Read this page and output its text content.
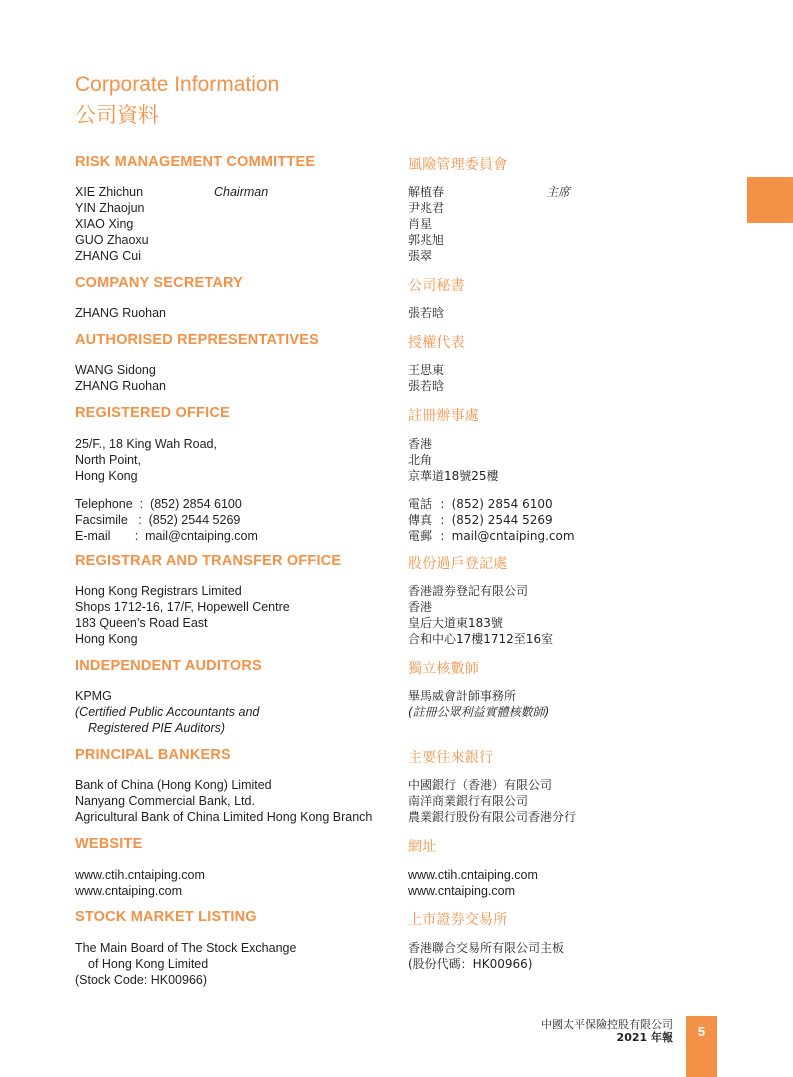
Corporate Information
公司資料
RISK MANAGEMENT COMMITTEE	風險管理委員會
XIE Zhichun	Chairman
YIN Zhaojun
XIAO Xing
GUO Zhaoxu
ZHANG Cui
解植春	主席
尹兆君
肖星
郭兆旭
張翠
COMPANY SECRETARY	公司秘書
ZHANG Ruohan	張若晗
AUTHORISED REPRESENTATIVES	授權代表
WANG Sidong
ZHANG Ruohan
王思東
張若晗
REGISTERED OFFICE	註冊辦事處
25/F., 18 King Wah Road,
North Point,
Hong Kong
香港
北角
京華道18號25樓
Telephone  :  (852) 2854 6100
Facsimile   :  (852) 2544 5269
E-mail       :  mail@cntaiping.com
電話  ：(852) 2854 6100
傳真  ：(852) 2544 5269
電郵  ：mail@cntaiping.com
REGISTRAR AND TRANSFER OFFICE	股份過戶登記處
Hong Kong Registrars Limited
Shops 1712-16, 17/F, Hopewell Centre
183 Queen’s Road East
Hong Kong
香港證券登記有限公司
香港
皇后大道東183號
合和中心17樓1712至16室
INDEPENDENT AUDITORS	獨立核數師
KPMG
(Certified Public Accountants and
Registered PIE Auditors)
畢馬威會計師事務所
(註冊公眾利益實體核數師)
PRINCIPAL BANKERS	主要往來銀行
Bank of China (Hong Kong) Limited
Nanyang Commercial Bank, Ltd.
Agricultural Bank of China Limited Hong Kong Branch
中國銀行（香港）有限公司
南洋商業銀行有限公司
農業銀行股份有限公司香港分行
WEBSITE	網址
www.ctih.cntaiping.com
www.cntaiping.com
www.ctih.cntaiping.com
www.cntaiping.com
STOCK MARKET LISTING	上市證券交易所
The Main Board of The Stock Exchange
of Hong Kong Limited
(Stock Code: HK00966)
香港聯合交易所有限公司主板
(股份代碼：HK00966)
中國太平保險控股有限公司
2021 年報	5
